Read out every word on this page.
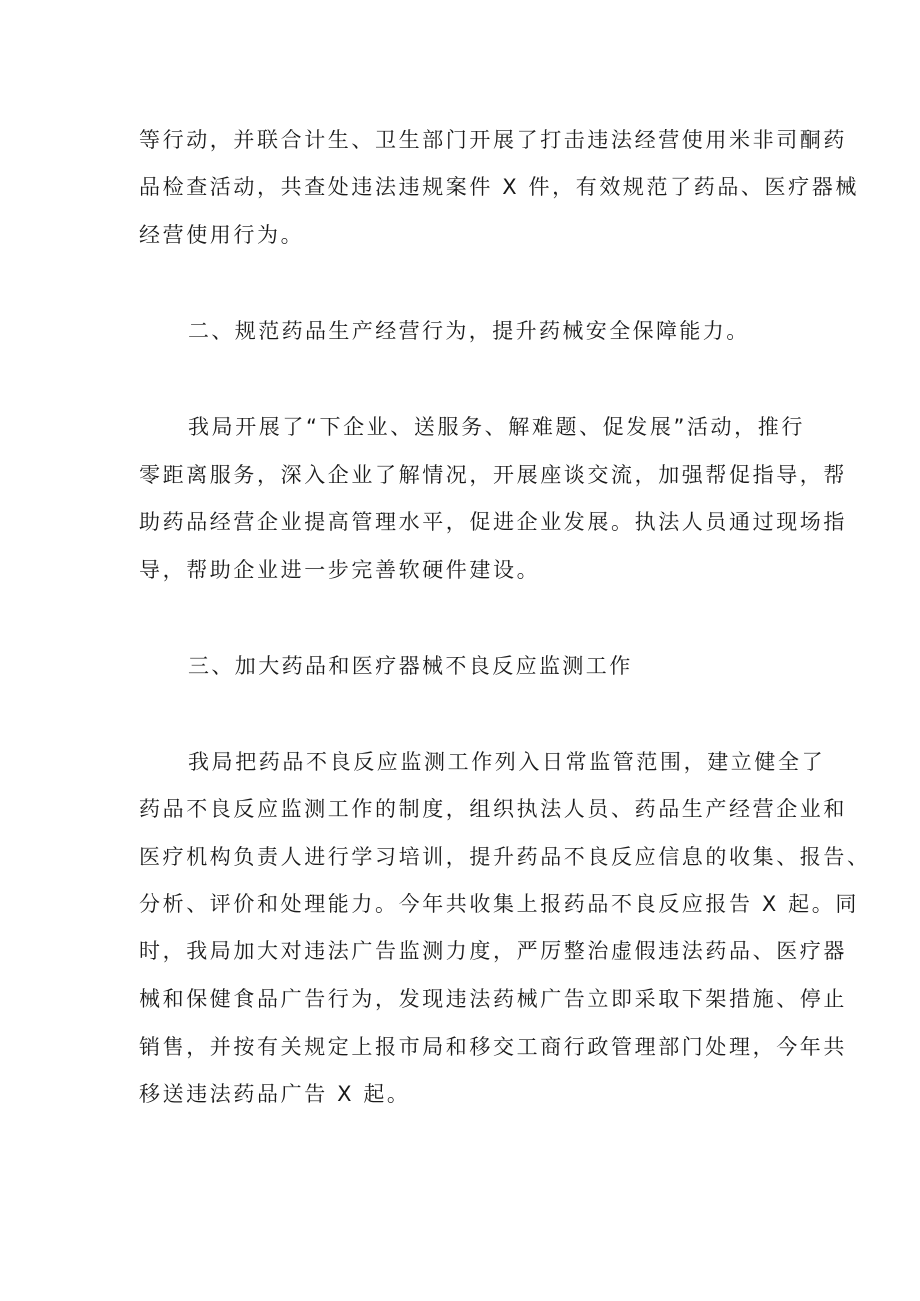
等行动，并联合计生、卫生部门开展了打击违法经营使用米非司酮药
品检查活动，共查处违法违规案件 X 件，有效规范了药品、医疗器械
经营使用行为。
二、规范药品生产经营行为，提升药械安全保障能力。
我局开展了“下企业、送服务、解难题、促发展”活动，推行
零距离服务，深入企业了解情况，开展座谈交流，加强帮促指导，帮
助药品经营企业提高管理水平，促进企业发展。执法人员通过现场指
导，帮助企业进一步完善软硬件建设。
三、加大药品和医疗器械不良反应监测工作
我局把药品不良反应监测工作列入日常监管范围，建立健全了
药品不良反应监测工作的制度，组织执法人员、药品生产经营企业和
医疗机构负责人进行学习培训，提升药品不良反应信息的收集、报告、
分析、评价和处理能力。今年共收集上报药品不良反应报告 X 起。同
时，我局加大对违法广告监测力度，严厉整治虚假违法药品、医疗器
械和保健食品广告行为，发现违法药械广告立即采取下架措施、停止
销售，并按有关规定上报市局和移交工商行政管理部门处理，今年共
移送违法药品广告 X 起。
